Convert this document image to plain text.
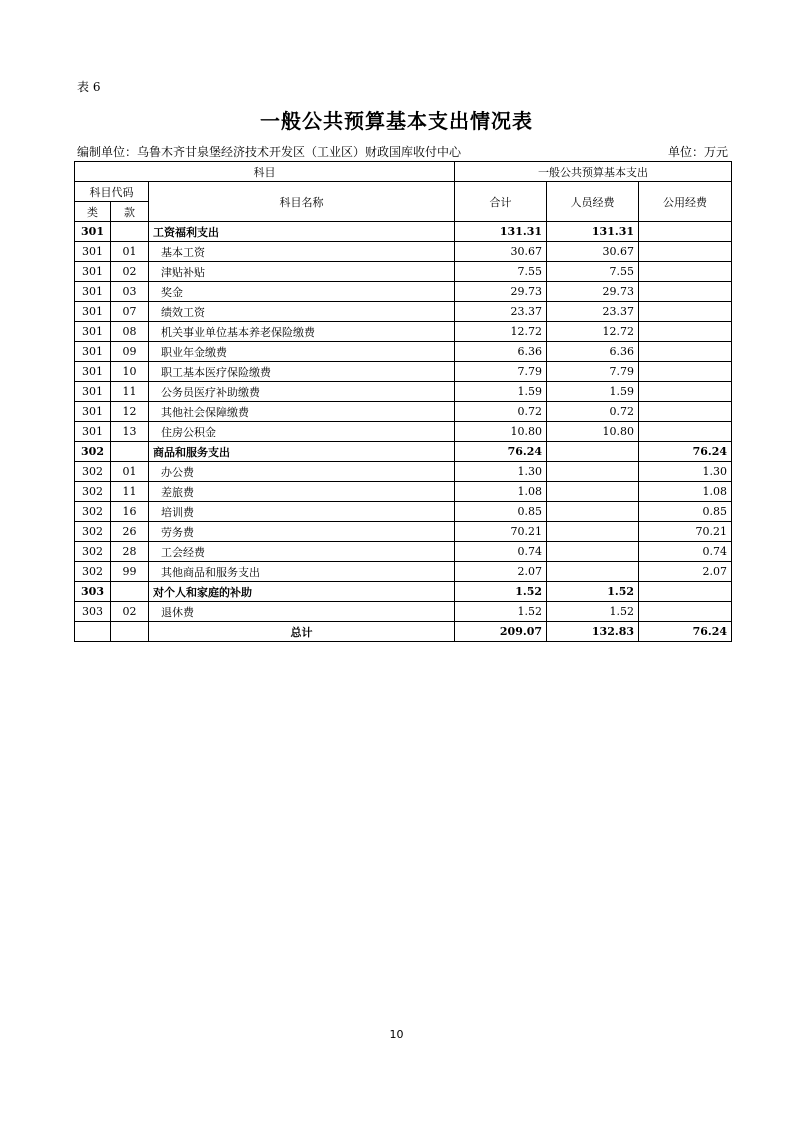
表 6
一般公共预算基本支出情况表
编制单位：乌鲁木齐甘泉堡经济技术开发区（工业区）财政国库收付中心	单位：万元
科目			一般公共预算基本支出		
科目代码		科目名称	合计	人员经费	公用经费
类	款				
301		工资福利支出	131.31	131.31	
301	01	基本工资	30.67	30.67	
301	02	津贴补贴	7.55	7.55	
301	03	奖金	29.73	29.73	
301	07	绩效工资	23.37	23.37	
301	08	机关事业单位基本养老保险缴费	12.72	12.72	
301	09	职业年金缴费	6.36	6.36	
301	10	职工基本医疗保险缴费	7.79	7.79	
301	11	公务员医疗补助缴费	1.59	1.59	
301	12	其他社会保障缴费	0.72	0.72	
301	13	住房公积金	10.80	10.80	
302		商品和服务支出	76.24		76.24
302	01	办公费	1.30		1.30
302	11	差旅费	1.08		1.08
302	16	培训费	0.85		0.85
302	26	劳务费	70.21		70.21
302	28	工会经费	0.74		0.74
302	99	其他商品和服务支出	2.07		2.07
303		对个人和家庭的补助	1.52	1.52	
303	02	退休费	1.52	1.52	
		总计	209.07	132.83	76.24
10
